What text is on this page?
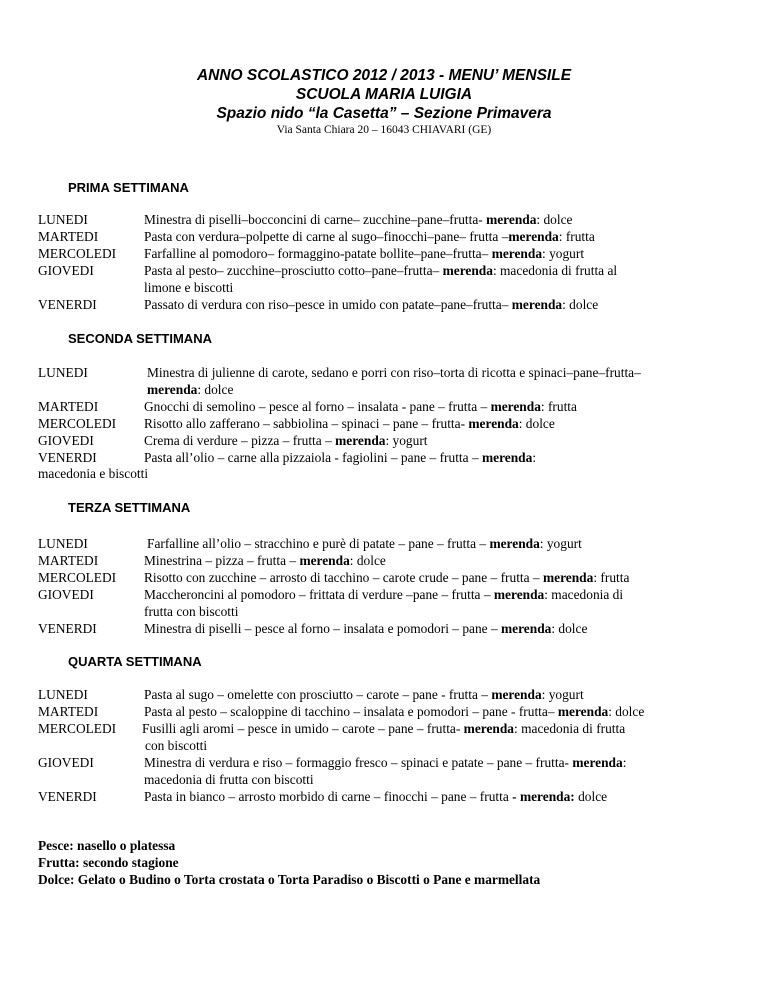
ANNO SCOLASTICO 2012 / 2013 - MENU’ MENSILE
SCUOLA MARIA LUIGIA
Spazio nido “la Casetta” – Sezione Primavera
Via Santa Chiara 20 – 16043 CHIAVARI (GE)
PRIMA SETTIMANA
LUNEDI	Minestra di piselli–bocconcini di carne– zucchine–pane–frutta- merenda: dolce
MARTEDI	Pasta con verdura–polpette di carne al sugo–finocchi–pane– frutta –merenda: frutta
MERCOLEDI Farfalline al pomodoro– formaggino-patate bollite–pane–frutta– merenda: yogurt
GIOVEDI	Pasta al pesto– zucchine–prosciutto cotto–pane–frutta– merenda: macedonia di frutta al
limone e biscotti
VENERDI	Passato di verdura con riso–pesce in umido con patate–pane–frutta– merenda: dolce
SECONDA SETTIMANA
LUNEDI	Minestra di julienne di carote, sedano e porri con riso–torta di ricotta e spinaci–pane–frutta–
merenda: dolce
MARTEDI	Gnocchi di semolino – pesce al forno – insalata - pane – frutta – merenda: frutta
MERCOLEDI Risotto allo zafferano – sabbiolina – spinaci – pane – frutta- merenda: dolce
GIOVEDI	Crema di verdure – pizza – frutta – merenda: yogurt
VENERDI	Pasta all’olio – carne alla pizzaiola - fagiolini – pane – frutta – merenda:
macedonia e biscotti
TERZA SETTIMANA
LUNEDI	Farfalline all’olio – stracchino e purè di patate – pane – frutta – merenda: yogurt
MARTEDI	Minestrina – pizza – frutta – merenda: dolce
MERCOLEDI Risotto con zucchine – arrosto di tacchino – carote crude – pane – frutta – merenda: frutta
GIOVEDI	Maccheroncini al pomodoro – frittata di verdure –pane – frutta – merenda: macedonia di
frutta con biscotti
VENERDI	Minestra di piselli – pesce al forno – insalata e pomodori – pane – merenda: dolce
QUARTA SETTIMANA
LUNEDI	Pasta al sugo – omelette con prosciutto – carote – pane - frutta – merenda: yogurt
MARTEDI	Pasta al pesto – scaloppine di tacchino – insalata e pomodori – pane - frutta– merenda: dolce
MERCOLEDI Fusilli agli aromi – pesce in umido – carote – pane – frutta- merenda: macedonia di frutta
con biscotti
GIOVEDI	Minestra di verdura e riso – formaggio fresco – spinaci e patate – pane – frutta- merenda:
macedonia di frutta con biscotti
VENERDI	Pasta in bianco – arrosto morbido di carne – finocchi – pane – frutta - merenda: dolce
Pesce: nasello o platessa
Frutta: secondo stagione
Dolce: Gelato o Budino o Torta crostata o Torta Paradiso o Biscotti o Pane e marmellata
